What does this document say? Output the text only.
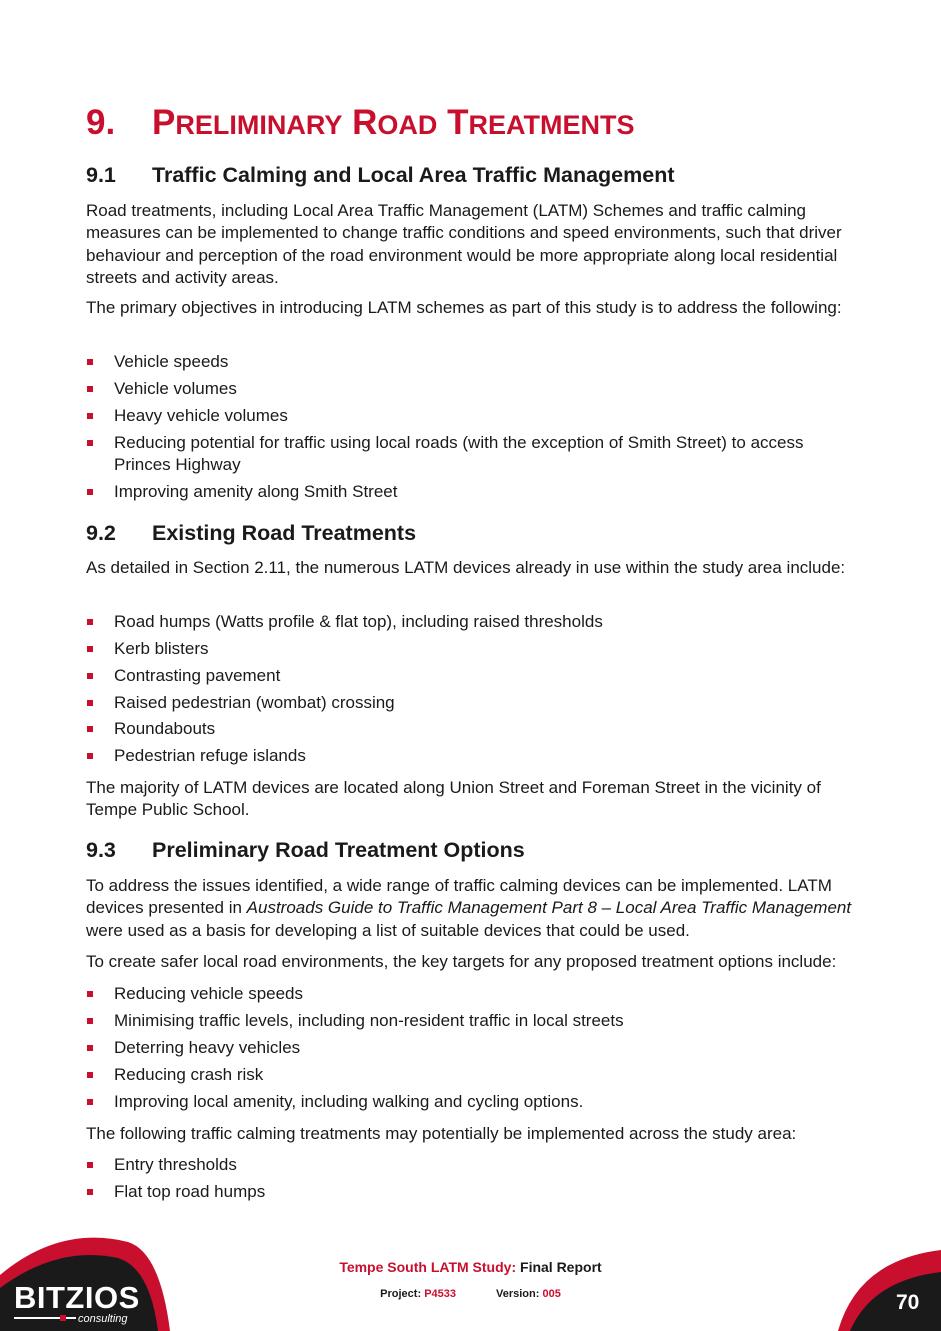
9. PRELIMINARY ROAD TREATMENTS
9.1 Traffic Calming and Local Area Traffic Management

Road treatments, including Local Area Traffic Management (LATM) Schemes and traffic calming measures can be implemented to change traffic conditions and speed environments, such that driver behaviour and perception of the road environment would be more appropriate along local residential streets and activity areas.

The primary objectives in introducing LATM schemes as part of this study is to address the following:

Vehicle speeds
Vehicle volumes
Heavy vehicle volumes
Reducing potential for traffic using local roads (with the exception of Smith Street) to access Princes Highway
Improving amenity along Smith Street
9.2 Existing Road Treatments

As detailed in Section 2.11, the numerous LATM devices already in use within the study area include:

Road humps (Watts profile & flat top), including raised thresholds
Kerb blisters
Contrasting pavement
Raised pedestrian (wombat) crossing
Roundabouts
Pedestrian refuge islands

The majority of LATM devices are located along Union Street and Foreman Street in the vicinity of Tempe Public School.

9.3 Preliminary Road Treatment Options

To address the issues identified, a wide range of traffic calming devices can be implemented. LATM devices presented in Austroads Guide to Traffic Management Part 8 – Local Area Traffic Management were used as a basis for developing a list of suitable devices that could be used.

To create safer local road environments, the key targets for any proposed treatment options include:

Reducing vehicle speeds
Minimising traffic levels, including non-resident traffic in local streets
Deterring heavy vehicles
Reducing crash risk
Improving local amenity, including walking and cycling options.

The following traffic calming treatments may potentially be implemented across the study area:

Entry thresholds
Flat top road humps
BITZIOS
consulting
Tempe South LATM Study: Final Report
Project: P4533	Version: 005	70
